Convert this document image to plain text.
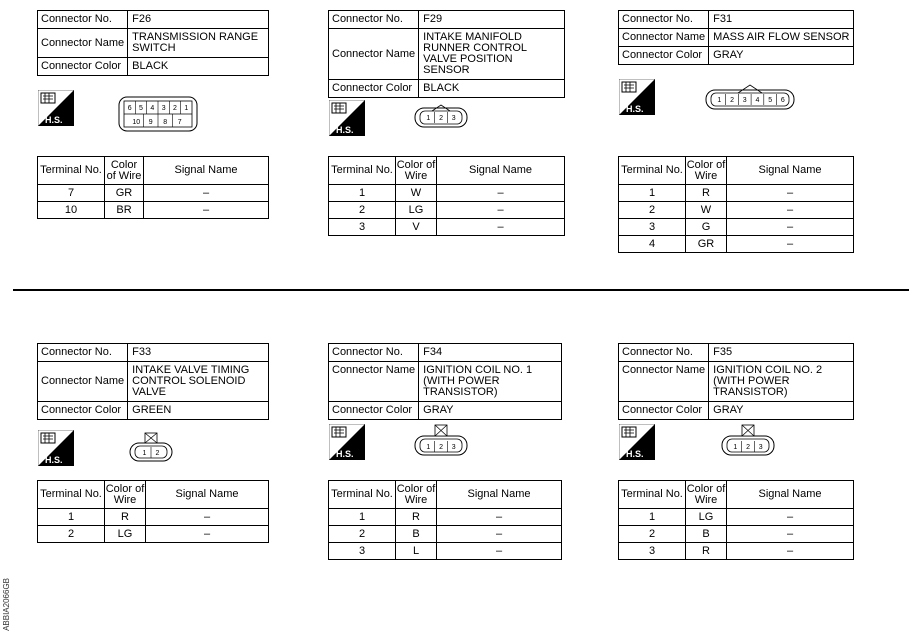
Connector No.	F26
Connector Name	TRANSMISSION RANGE SWITCH
Connector Color	BLACK
H.S.
6 5 4 3 2 1
10 9 8 7
Terminal No.	Color of Wire	Signal Name
7	GR	–
10	BR	–
Connector No.	F29
Connector Name	INTAKE MANIFOLD RUNNER CONTROL VALVE POSITION SENSOR
Connector Color	BLACK
H.S.
1 2 3
Terminal No.	Color of Wire	Signal Name
1	W	–
2	LG	–
3	V	–
Connector No.	F31
Connector Name	MASS AIR FLOW SENSOR
Connector Color	GRAY
H.S.
1 2 3 4 5 6
Terminal No.	Color of Wire	Signal Name
1	R	–
2	W	–
3	G	–
4	GR	–
Connector No.	F33
Connector Name	INTAKE VALVE TIMING CONTROL SOLENOID VALVE
Connector Color	GREEN
H.S.
1 2
Terminal No.	Color of Wire	Signal Name
1	R	–
2	LG	–
Connector No.	F34
Connector Name	IGNITION COIL NO. 1 (WITH POWER TRANSISTOR)
Connector Color	GRAY
H.S.
1 2 3
Terminal No.	Color of Wire	Signal Name
1	R	–
2	B	–
3	L	–
Connector No.	F35
Connector Name	IGNITION COIL NO. 2 (WITH POWER TRANSISTOR)
Connector Color	GRAY
H.S.
1 2 3
Terminal No.	Color of Wire	Signal Name
1	LG	–
2	B	–
3	R	–
ABBIA2066GB
